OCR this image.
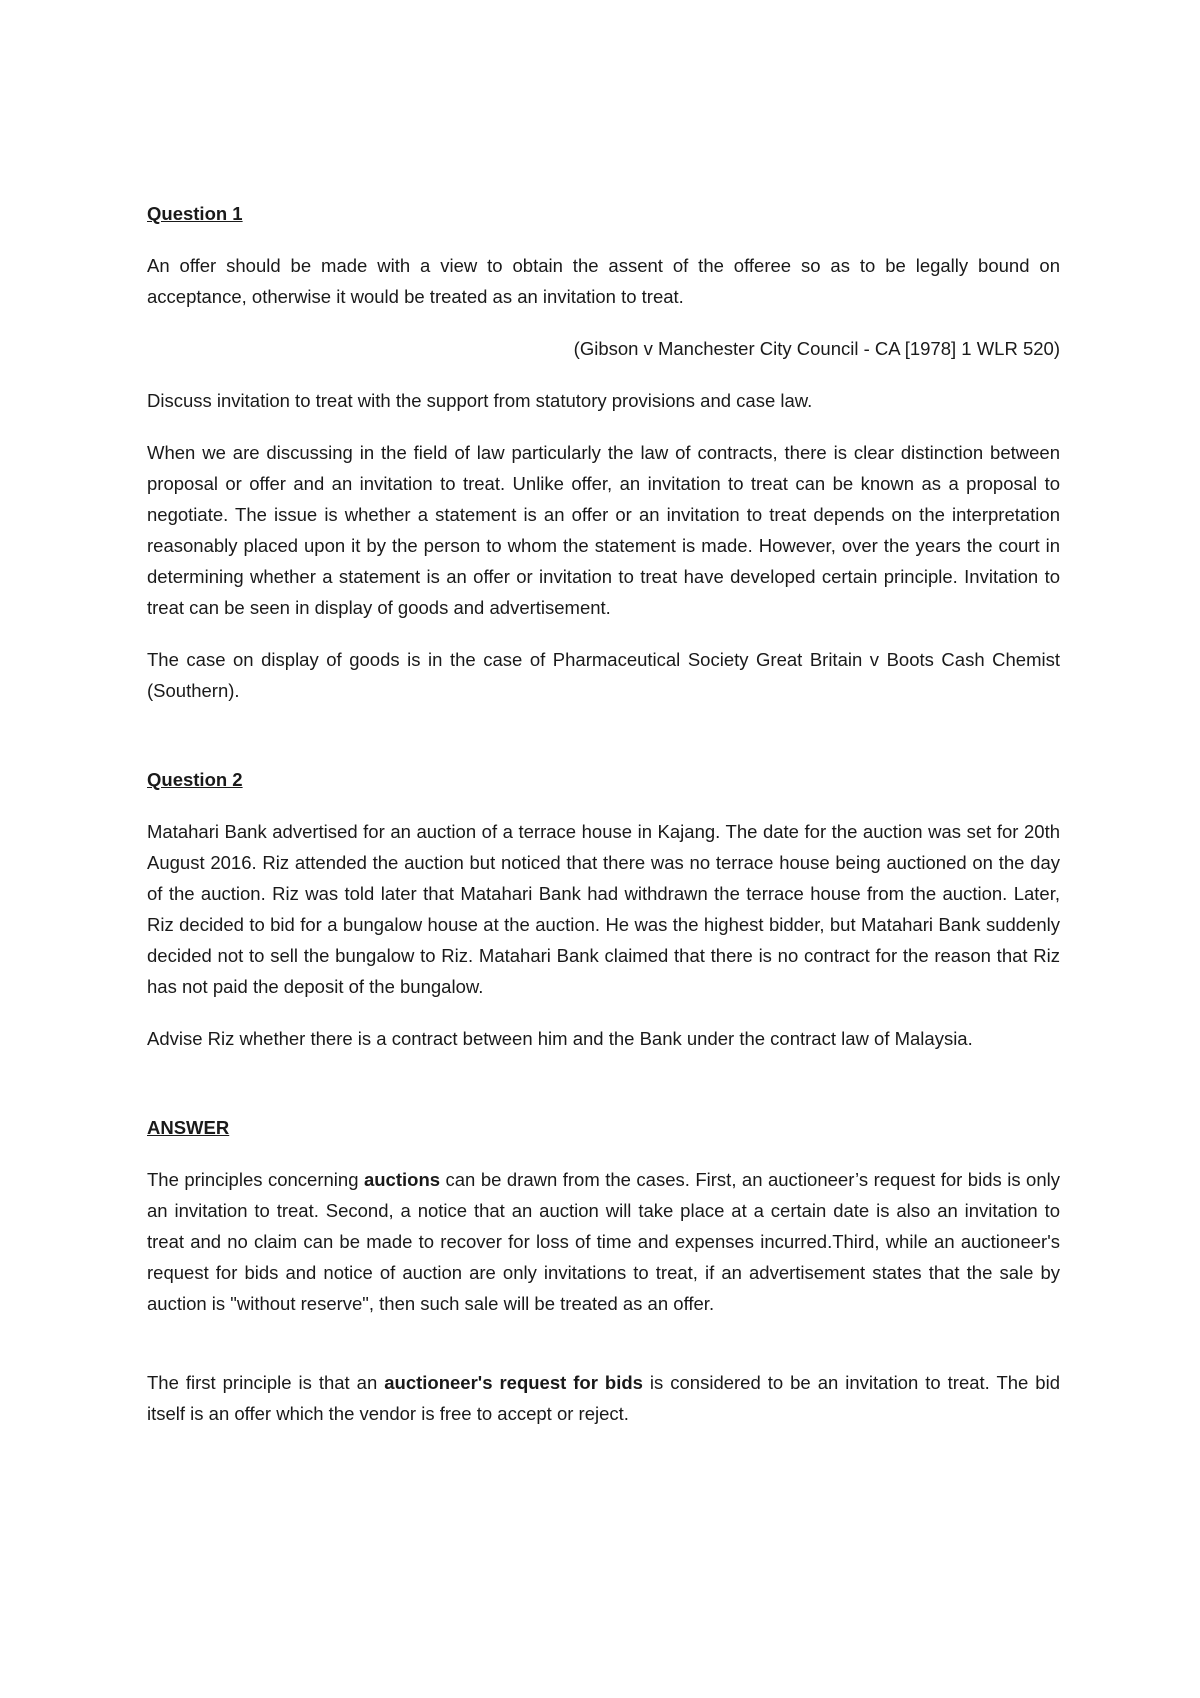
Question 1

An offer should be made with a view to obtain the assent of the offeree so as to be legally bound on acceptance, otherwise it would be treated as an invitation to treat.

(Gibson v Manchester City Council - CA [1978] 1 WLR 520)

Discuss invitation to treat with the support from statutory provisions and case law.

When we are discussing in the field of law particularly the law of contracts, there is clear distinction between proposal or offer and an invitation to treat. Unlike offer, an invitation to treat can be known as a proposal to negotiate. The issue is whether a statement is an offer or an invitation to treat depends on the interpretation reasonably placed upon it by the person to whom the statement is made. However, over the years the court in determining whether a statement is an offer or invitation to treat have developed certain principle. Invitation to treat can be seen in display of goods and advertisement.

The case on display of goods is in the case of Pharmaceutical Society Great Britain v Boots Cash Chemist (Southern).

Question 2

Matahari Bank advertised for an auction of a terrace house in Kajang. The date for the auction was set for 20th August 2016. Riz attended the auction but noticed that there was no terrace house being auctioned on the day of the auction. Riz was told later that Matahari Bank had withdrawn the terrace house from the auction. Later, Riz decided to bid for a bungalow house at the auction. He was the highest bidder, but Matahari Bank suddenly decided not to sell the bungalow to Riz. Matahari Bank claimed that there is no contract for the reason that Riz has not paid the deposit of the bungalow.

Advise Riz whether there is a contract between him and the Bank under the contract law of Malaysia.

ANSWER

The principles concerning auctions can be drawn from the cases. First, an auctioneer’s request for bids is only an invitation to treat. Second, a notice that an auction will take place at a certain date is also an invitation to treat and no claim can be made to recover for loss of time and expenses incurred.Third, while an auctioneer's request for bids and notice of auction are only invitations to treat, if an advertisement states that the sale by auction is "without reserve", then such sale will be treated as an offer.

The first principle is that an auctioneer's request for bids is considered to be an invitation to treat. The bid itself is an offer which the vendor is free to accept or reject.
